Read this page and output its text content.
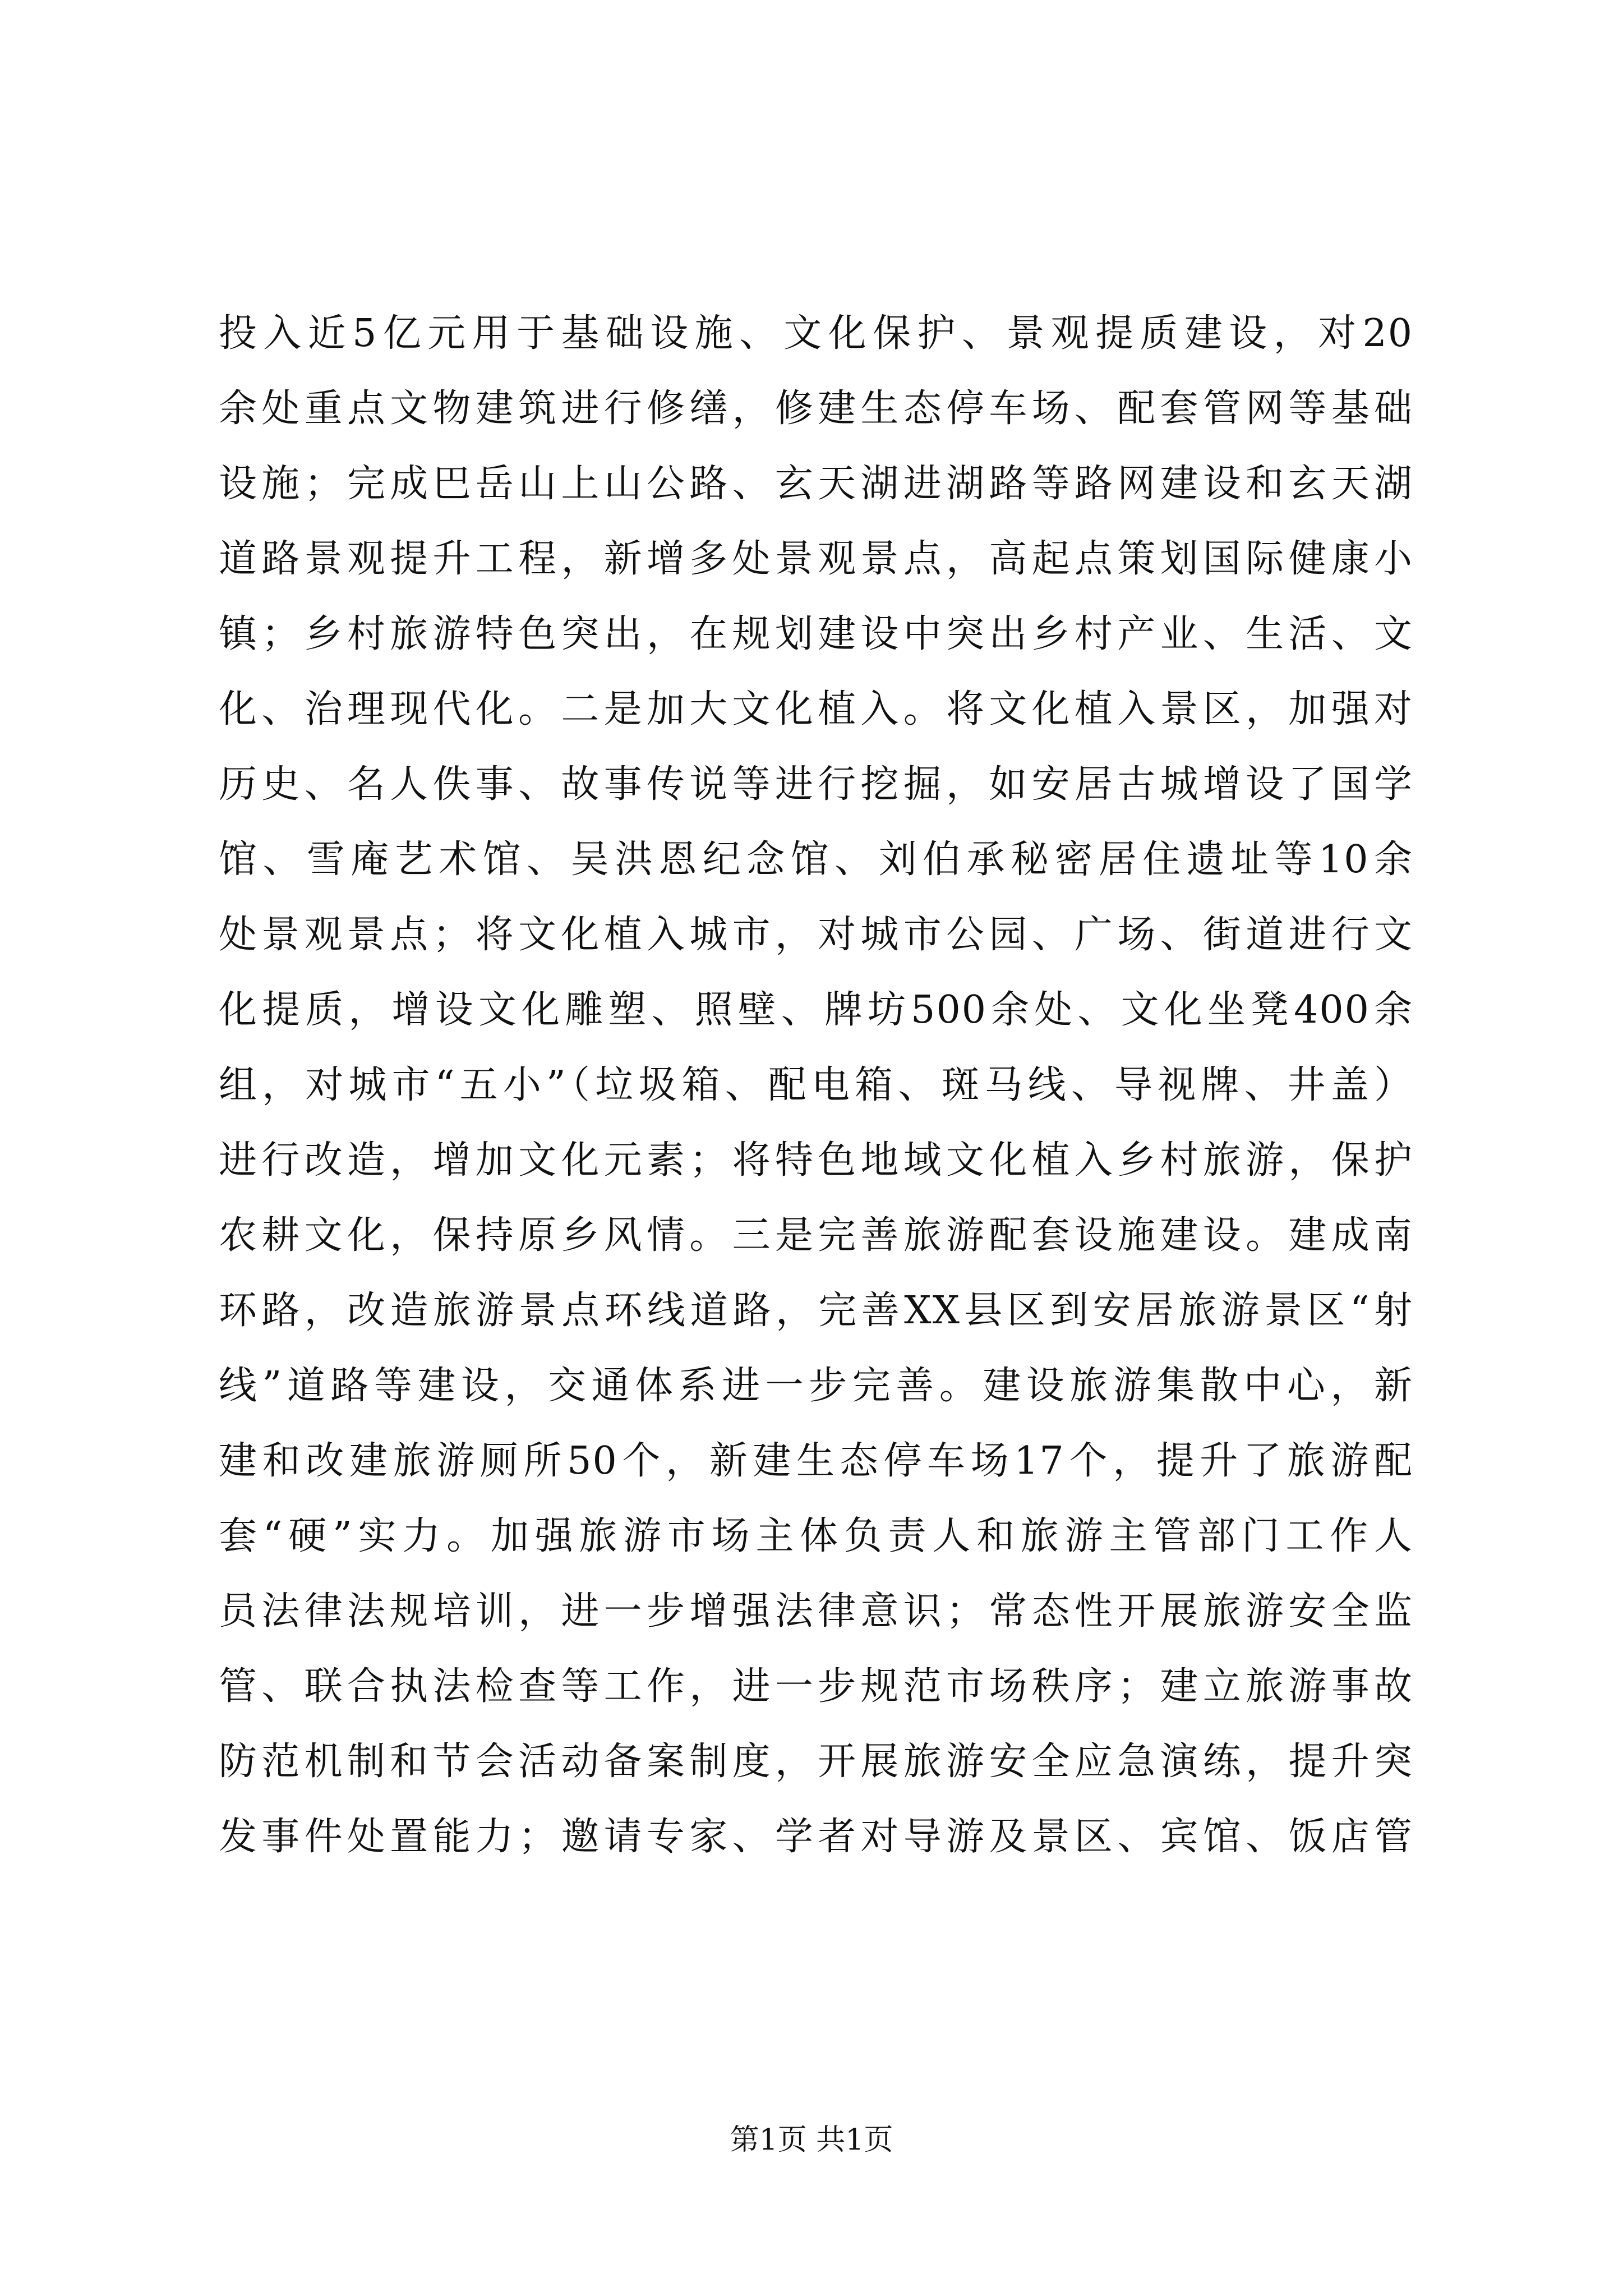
投入近5亿元用于基础设施、文化保护、景观提质建设，对20
余处重点文物建筑进行修缮，修建生态停车场、配套管网等基础
设施；完成巴岳山上山公路、玄天湖进湖路等路网建设和玄天湖
道路景观提升工程，新增多处景观景点，高起点策划国际健康小
镇；乡村旅游特色突出，在规划建设中突出乡村产业、生活、文
化、治理现代化。二是加大文化植入。将文化植入景区，加强对
历史、名人佚事、故事传说等进行挖掘，如安居古城增设了国学
馆、雪庵艺术馆、吴洪恩纪念馆、刘伯承秘密居住遗址等10余
处景观景点；将文化植入城市，对城市公园、广场、街道进行文
化提质，增设文化雕塑、照壁、牌坊500余处、文化坐凳400余
组，对城市“五小”（垃圾箱、配电箱、斑马线、导视牌、井盖）
进行改造，增加文化元素；将特色地域文化植入乡村旅游，保护
农耕文化，保持原乡风情。三是完善旅游配套设施建设。建成南
环路，改造旅游景点环线道路，完善XX县区到安居旅游景区“射
线”道路等建设，交通体系进一步完善。建设旅游集散中心，新
建和改建旅游厕所50个，新建生态停车场17个，提升了旅游配
套“硬”实力。加强旅游市场主体负责人和旅游主管部门工作人
员法律法规培训，进一步增强法律意识；常态性开展旅游安全监
管、联合执法检查等工作，进一步规范市场秩序；建立旅游事故
防范机制和节会活动备案制度，开展旅游安全应急演练，提升突
发事件处置能力；邀请专家、学者对导游及景区、宾馆、饭店管
第1页 共1页
